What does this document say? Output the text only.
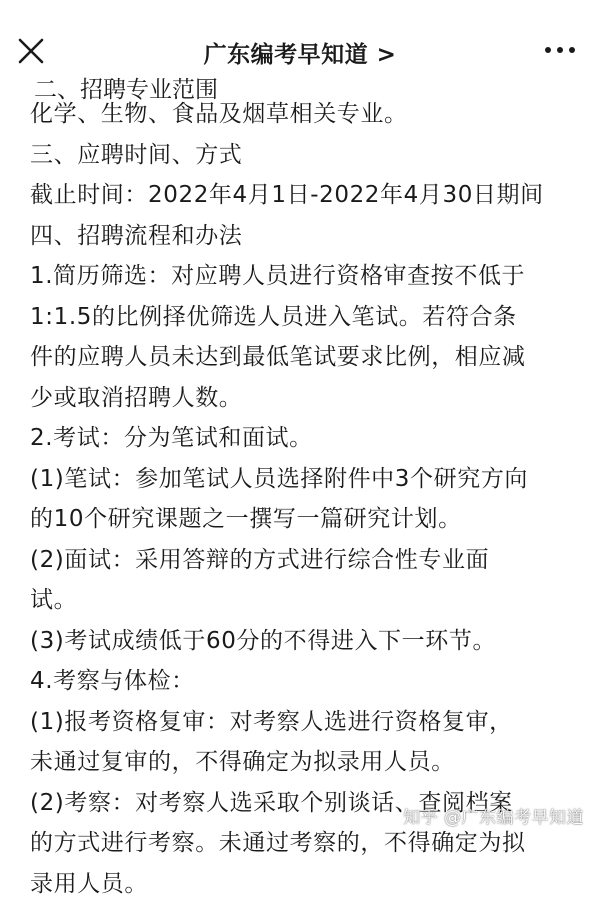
广东编考早知道 >
二、招聘专业范围

化学、生物、食品及烟草相关专业。

三、应聘时间、方式

截止时间：2022年4月1日-2022年4月30日期间

四、招聘流程和办法

1.简历筛选：对应聘人员进行资格审查按不低于

1:1.5的比例择优筛选人员进入笔试。若符合条

件的应聘人员未达到最低笔试要求比例，相应减

少或取消招聘人数。

2.考试：分为笔试和面试。

(1)笔试：参加笔试人员选择附件中3个研究方向

的10个研究课题之一撰写一篇研究计划。

(2)面试：采用答辩的方式进行综合性专业面

试。

(3)考试成绩低于60分的不得进入下一环节。

4.考察与体检：

(1)报考资格复审：对考察人选进行资格复审，

未通过复审的，不得确定为拟录用人员。

(2)考察：对考察人选采取个别谈话、查阅档案

的方式进行考察。未通过考察的，不得确定为拟

录用人员。	知乎 @广东编考早知道
